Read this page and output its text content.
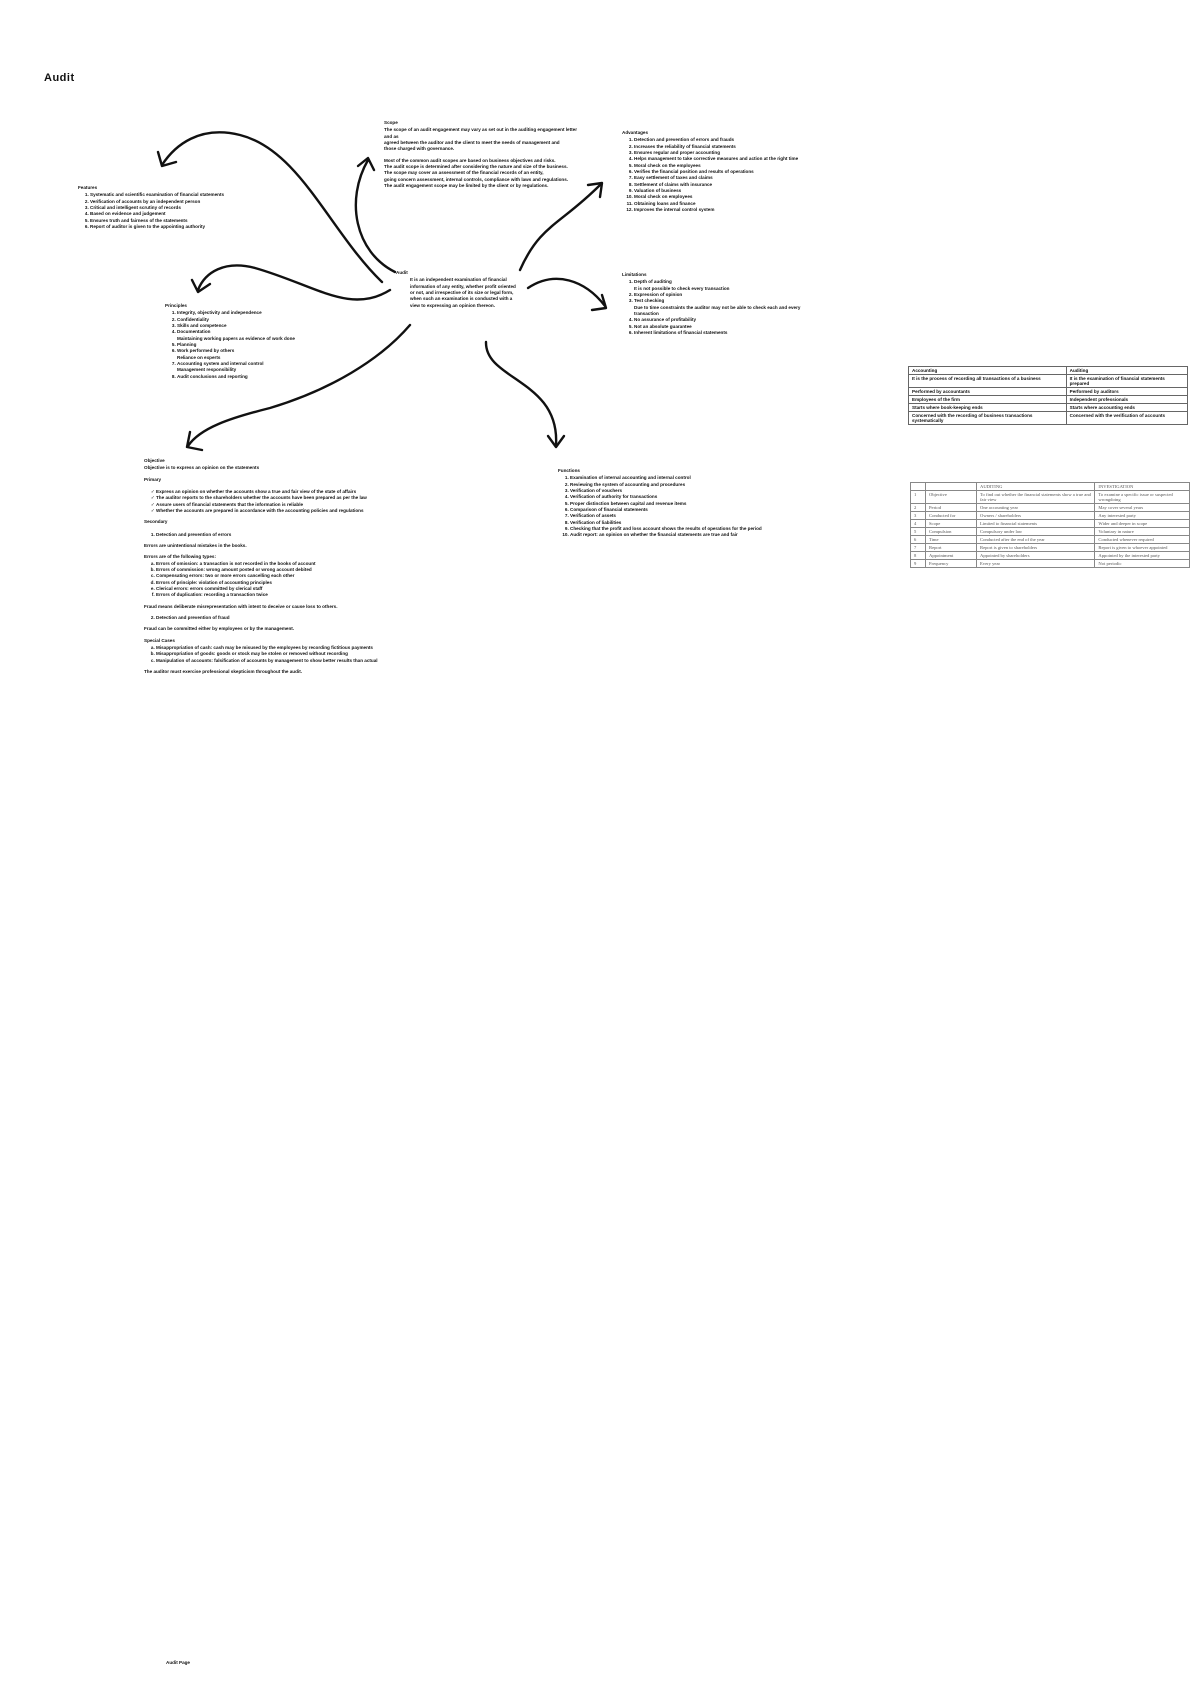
Audit
Scope

The scope of an audit engagement may vary as set out in the auditing engagement letter and as

agreed between the auditor and the client to meet the needs of management and

those charged with governance.

Most of the common audit scopes are based on business objectives and risks.

The audit scope is determined after considering the nature and size of the business.

The scope may cover an assessment of the financial records of an entity,

going concern assessment, internal controls, compliance with laws and regulations.

The audit engagement scope may be limited by the client or by regulations.

Advantages
1. Detection and prevention of errors and frauds
2. Increases the reliability of financial statements
3. Ensures regular and proper accounting
4. Helps management to take corrective measures and action at the right time
5. Moral check on the employees
6. Verifies the financial position and results of operations
7. Easy settlement of taxes and claims
8. Settlement of claims with insurance
9. Valuation of business
10. Moral check on employees
11. Obtaining loans and finance
12. Improves the internal control system
Features
1. Systematic and scientific examination of financial statements
2. Verification of accounts by an independent person
3. Critical and intelligent scrutiny of records
4. Based on evidence and judgement
5. Ensures truth and fairness of the statements
6. Report of auditor is given to the appointing authority
Audit

It is an independent examination of financial

information of any entity, whether profit oriented

or not, and irrespective of its size or legal form,

when such an examination is conducted with a

view to expressing an opinion thereon.

Limitations
1. Depth of auditing
It is not possible to check every transaction
2. Expression of opinion
3. Test checking
Due to time constraints the auditor may not be able to check each and every transaction
4. No assurance of profitability
5. Not an absolute guarantee
6. Inherent limitations of financial statements
Principles
1. Integrity, objectivity and independence
2. Confidentiality
3. Skills and competence
4. Documentation
Maintaining working papers as evidence of work done
5. Planning
6. Work performed by others
Reliance on experts
7. Accounting system and internal control
Management responsibility
8. Audit conclusions and reporting
Accounting	Auditing
It is the process of recording all transactions of a business	It is the examination of financial statements prepared
Performed by accountants	Performed by auditors
Employees of the firm	Independent professionals
Starts where book-keeping ends	Starts where accounting ends
Concerned with the recording of business transactions systematically	Concerned with the verification of accounts
		AUDITING	INVESTIGATION
1	Objective	To find out whether the financial statements show a true and fair view	To examine a specific issue or suspected wrongdoing
2	Period	One accounting year	May cover several years
3	Conducted for	Owners / shareholders	Any interested party
4	Scope	Limited to financial statements	Wider and deeper in scope
5	Compulsion	Compulsory under law	Voluntary in nature
6	Time	Conducted after the end of the year	Conducted whenever required
7	Report	Report is given to shareholders	Report is given to whoever appointed
8	Appointment	Appointed by shareholders	Appointed by the interested party
9	Frequency	Every year	Not periodic
Objective

Objective is to express an opinion on the statements

Primary
✓ Express an opinion on whether the accounts show a true and fair view of the state of affairs
✓ The auditor reports to the shareholders whether the accounts have been prepared as per the law
✓ Assure users of financial statements that the information is reliable
✓ Whether the accounts are prepared in accordance with the accounting policies and regulations
Secondary
1. Detection and prevention of errors

Errors are unintentional mistakes in the books.

Errors are of the following types:

a. Errors of omission: a transaction is not recorded in the books of account
b. Errors of commission: wrong amount posted or wrong account debited
c. Compensating errors: two or more errors cancelling each other
d. Errors of principle: violation of accounting principles
e. Clerical errors: errors committed by clerical staff
f. Errors of duplication: recording a transaction twice

Fraud means deliberate misrepresentation with intent to deceive or cause loss to others.

2. Detection and prevention of fraud

Fraud can be committed either by employees or by the management.

Special Cases
a. Misappropriation of cash: cash may be misused by the employees by recording fictitious payments
b. Misappropriation of goods: goods or stock may be stolen or removed without recording
c. Manipulation of accounts: falsification of accounts by management to show better results than actual

The auditor must exercise professional skepticism throughout the audit.

Functions
1. Examination of internal accounting and internal control
2. Reviewing the system of accounting and procedures
3. Verification of vouchers
4. Verification of authority for transactions
5. Proper distinction between capital and revenue items
6. Comparison of financial statements
7. Verification of assets
8. Verification of liabilities
9. Checking that the profit and loss account shows the results of operations for the period
10. Audit report: an opinion on whether the financial statements are true and fair
Audit Page
